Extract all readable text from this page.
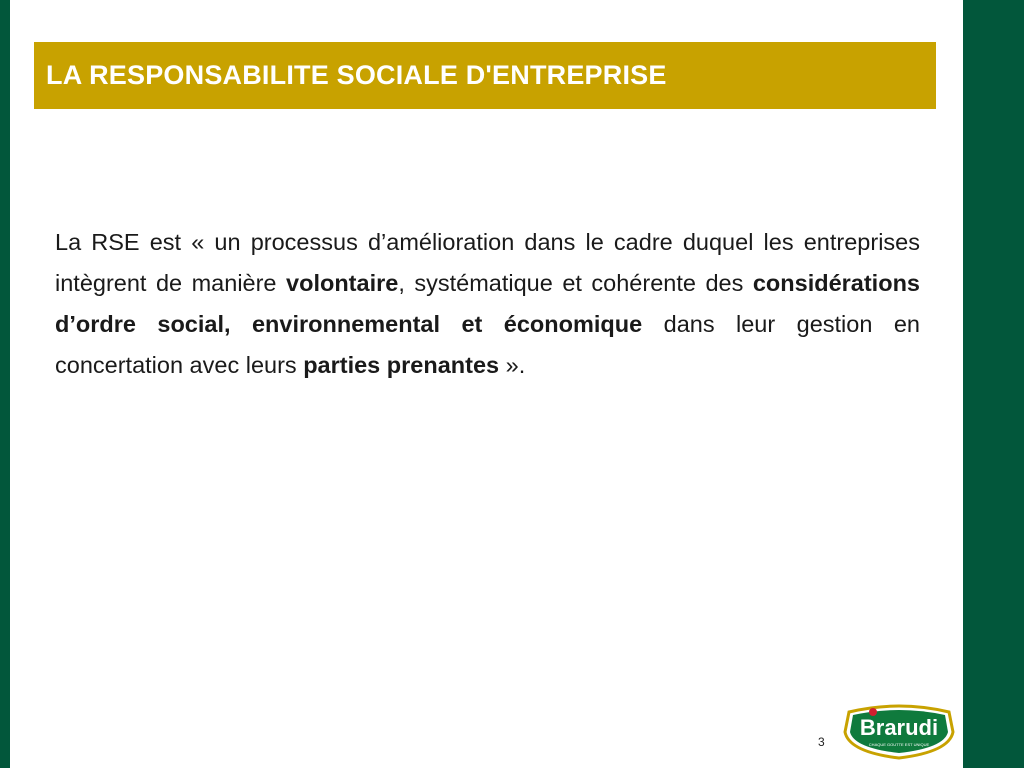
LA RESPONSABILITE SOCIALE D'ENTREPRISE

La RSE est « un processus d’amélioration dans le cadre duquel les entreprises intègrent de manière volontaire, systématique et cohérente des considérations d’ordre social, environnemental et économique dans leur gestion en concertation avec leurs parties prenantes ».

3
Brarudi
CHAQUE GOUTTE EST UNIQUE
